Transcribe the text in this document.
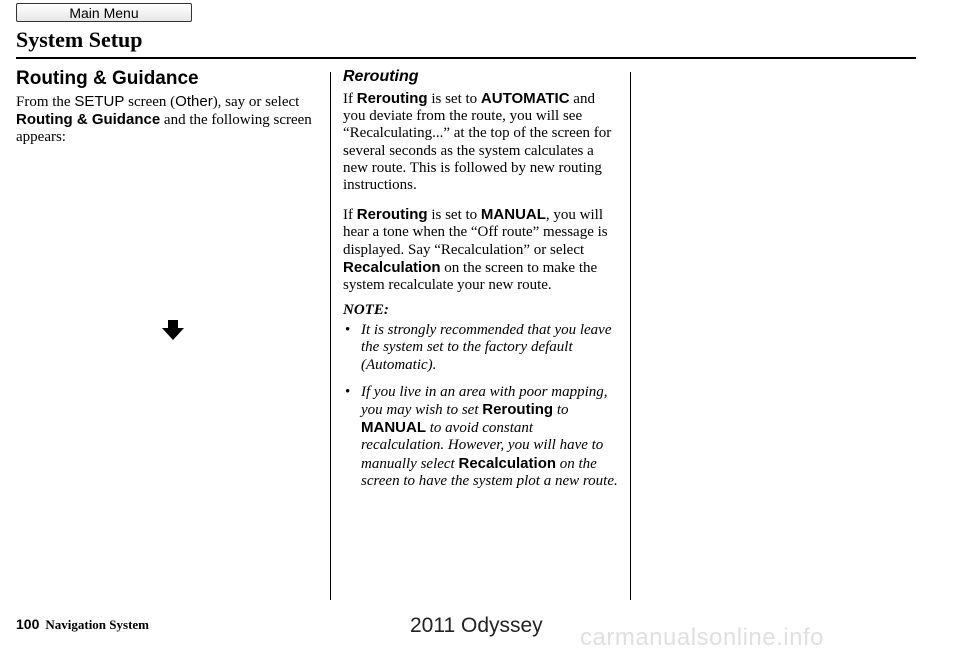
Main Menu
System Setup
Routing & Guidance

From the SETUP screen (Other), say or select Routing & Guidance and the following screen appears:

Rerouting

If Rerouting is set to AUTOMATIC and you deviate from the route, you will see “Recalculating...” at the top of the screen for several seconds as the system calculates a new route. This is followed by new routing instructions.

If Rerouting is set to MANUAL, you will hear a tone when the “Off route” message is displayed. Say “Recalculation” or select Recalculation on the screen to make the system recalculate your new route.

NOTE:
• It is strongly recommended that you leave the system set to the factory default (Automatic).
• If you live in an area with poor mapping, you may wish to set Rerouting to MANUAL to avoid constant recalculation. However, you will have to manually select Recalculation on the screen to have the system plot a new route.
100 Navigation System	2011 Odyssey carmanualsonline.info
